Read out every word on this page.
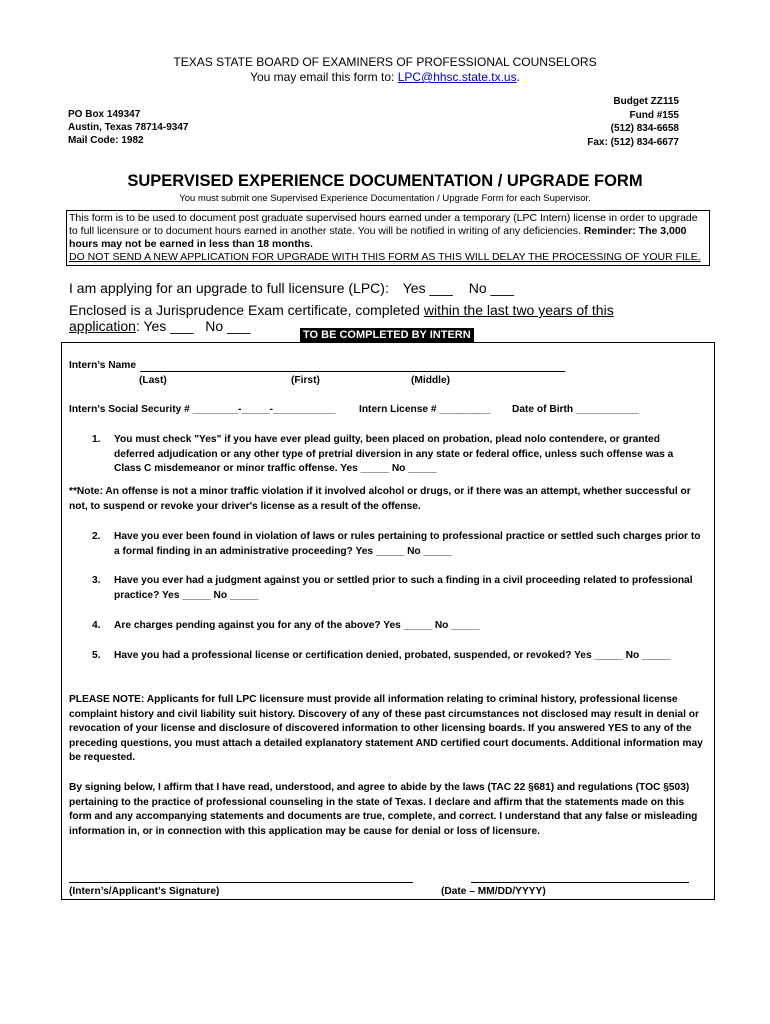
TEXAS STATE BOARD OF EXAMINERS OF PROFESSIONAL COUNSELORS
You may email this form to: LPC@hhsc.state.tx.us.
PO Box 149347
Austin, Texas 78714-9347
Mail Code: 1982
Budget ZZ115
Fund #155
(512) 834-6658
Fax: (512) 834-6677
SUPERVISED EXPERIENCE DOCUMENTATION / UPGRADE FORM
You must submit one Supervised Experience Documentation / Upgrade Form for each Supervisor.
This form is to be used to document post graduate supervised hours earned under a temporary (LPC Intern) license in order to upgrade to full licensure or to document hours earned in another state. You will be notified in writing of any deficiencies. Reminder: The 3,000 hours may not be earned in less than 18 months.
DO NOT SEND A NEW APPLICATION FOR UPGRADE WITH THIS FORM AS THIS WILL DELAY THE PROCESSING OF YOUR FILE.
I am applying for an upgrade to full licensure (LPC): Yes ___ No ___
Enclosed is a Jurisprudence Exam certificate, completed within the last two years of this application: Yes ___   No ___
TO BE COMPLETED BY INTERN
Intern’s Name
(Last)	(First)	(Middle)
Intern’s Social Security # ________-_____-___________ Intern License # _________ Date of Birth ___________
1. You must check "Yes" if you have ever plead guilty, been placed on probation, plead nolo contendere, or granted deferred adjudication or any other type of pretrial diversion in any state or federal office, unless such offense was a Class C misdemeanor or minor traffic offense. Yes _____ No _____
**Note: An offense is not a minor traffic violation if it involved alcohol or drugs, or if there was an attempt, whether successful or not, to suspend or revoke your driver's license as a result of the offense.
2. Have you ever been found in violation of laws or rules pertaining to professional practice or settled such charges prior to a formal finding in an administrative proceeding? Yes _____ No _____
3. Have you ever had a judgment against you or settled prior to such a finding in a civil proceeding related to professional practice? Yes _____ No _____
4. Are charges pending against you for any of the above? Yes _____ No _____
5. Have you had a professional license or certification denied, probated, suspended, or revoked? Yes _____ No _____
PLEASE NOTE: Applicants for full LPC licensure must provide all information relating to criminal history, professional license complaint history and civil liability suit history. Discovery of any of these past circumstances not disclosed may result in denial or revocation of your license and disclosure of discovered information to other licensing boards. If you answered YES to any of the preceding questions, you must attach a detailed explanatory statement AND certified court documents. Additional information may be requested.
By signing below, I affirm that I have read, understood, and agree to abide by the laws (TAC 22 §681) and regulations (TOC §503) pertaining to the practice of professional counseling in the state of Texas. I declare and affirm that the statements made on this form and any accompanying statements and documents are true, complete, and correct. I understand that any false or misleading information in, or in connection with this application may be cause for denial or loss of licensure.
(Intern’s/Applicant’s Signature)	(Date – MM/DD/YYYY)
